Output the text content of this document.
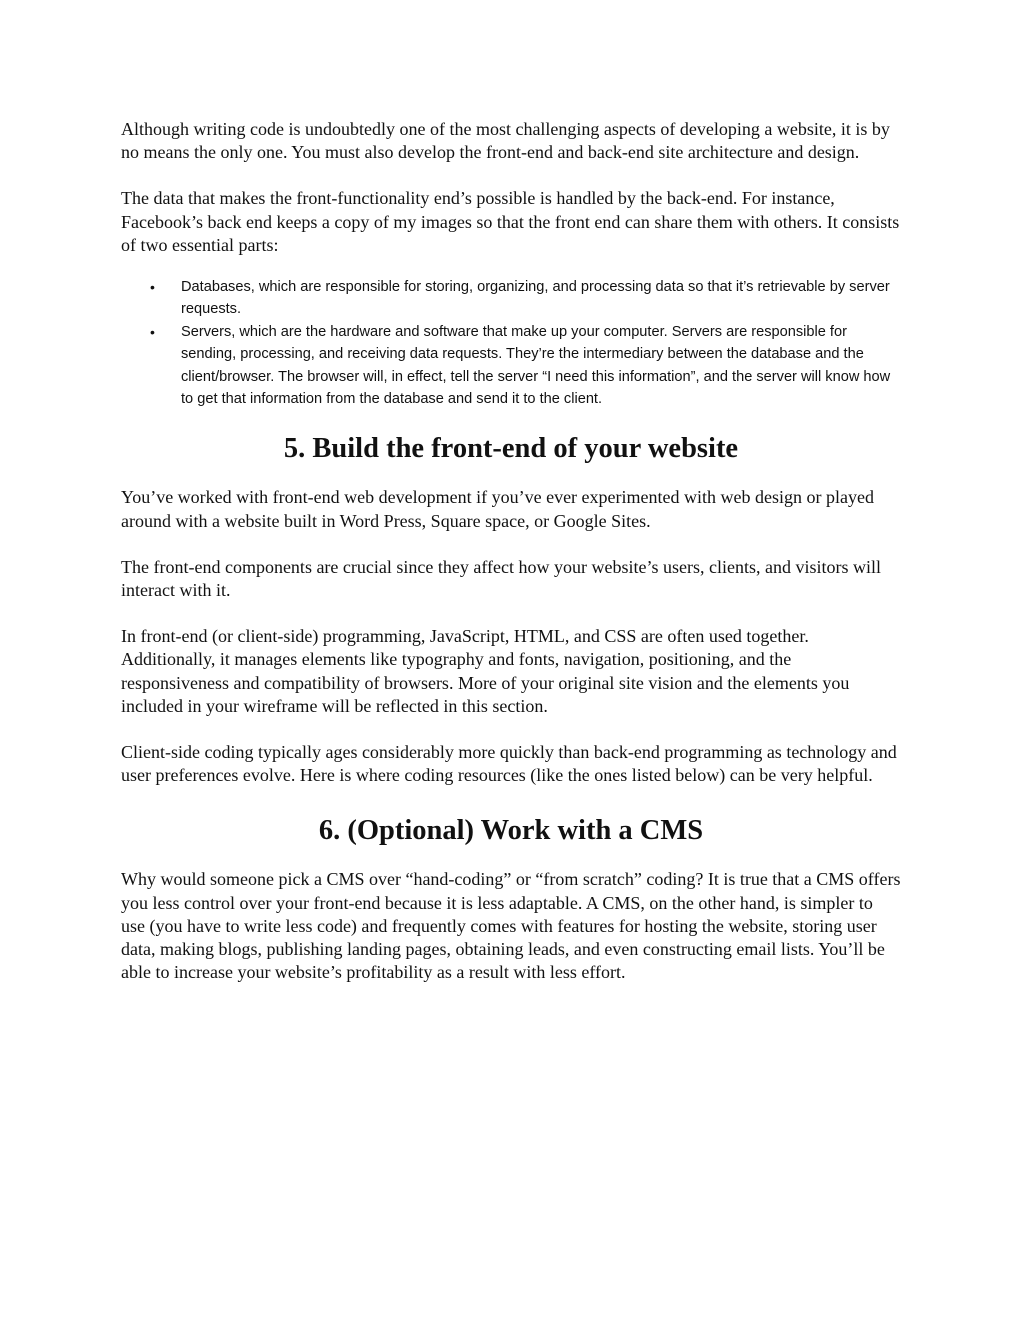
Although writing code is undoubtedly one of the most challenging aspects of developing a website, it is by no means the only one. You must also develop the front-end and back-end site architecture and design.

The data that makes the front-functionality end’s possible is handled by the back-end. For instance, Facebook’s back end keeps a copy of my images so that the front end can share them with others. It consists of two essential parts:

• Databases, which are responsible for storing, organizing, and processing data so that it’s retrievable by server requests.
• Servers, which are the hardware and software that make up your computer. Servers are responsible for sending, processing, and receiving data requests. They’re the intermediary between the database and the client/browser. The browser will, in effect, tell the server “I need this information”, and the server will know how to get that information from the database and send it to the client.
5. Build the front-end of your website

You’ve worked with front-end web development if you’ve ever experimented with web design or played around with a website built in Word Press, Square space, or Google Sites.

The front-end components are crucial since they affect how your website’s users, clients, and visitors will interact with it.

In front-end (or client-side) programming, JavaScript, HTML, and CSS are often used together. Additionally, it manages elements like typography and fonts, navigation, positioning, and the responsiveness and compatibility of browsers. More of your original site vision and the elements you included in your wireframe will be reflected in this section.

Client-side coding typically ages considerably more quickly than back-end programming as technology and user preferences evolve. Here is where coding resources (like the ones listed below) can be very helpful.

6. (Optional) Work with a CMS

Why would someone pick a CMS over “hand-coding” or “from scratch” coding? It is true that a CMS offers you less control over your front-end because it is less adaptable. A CMS, on the other hand, is simpler to use (you have to write less code) and frequently comes with features for hosting the website, storing user data, making blogs, publishing landing pages, obtaining leads, and even constructing email lists. You’ll be able to increase your website’s profitability as a result with less effort.
